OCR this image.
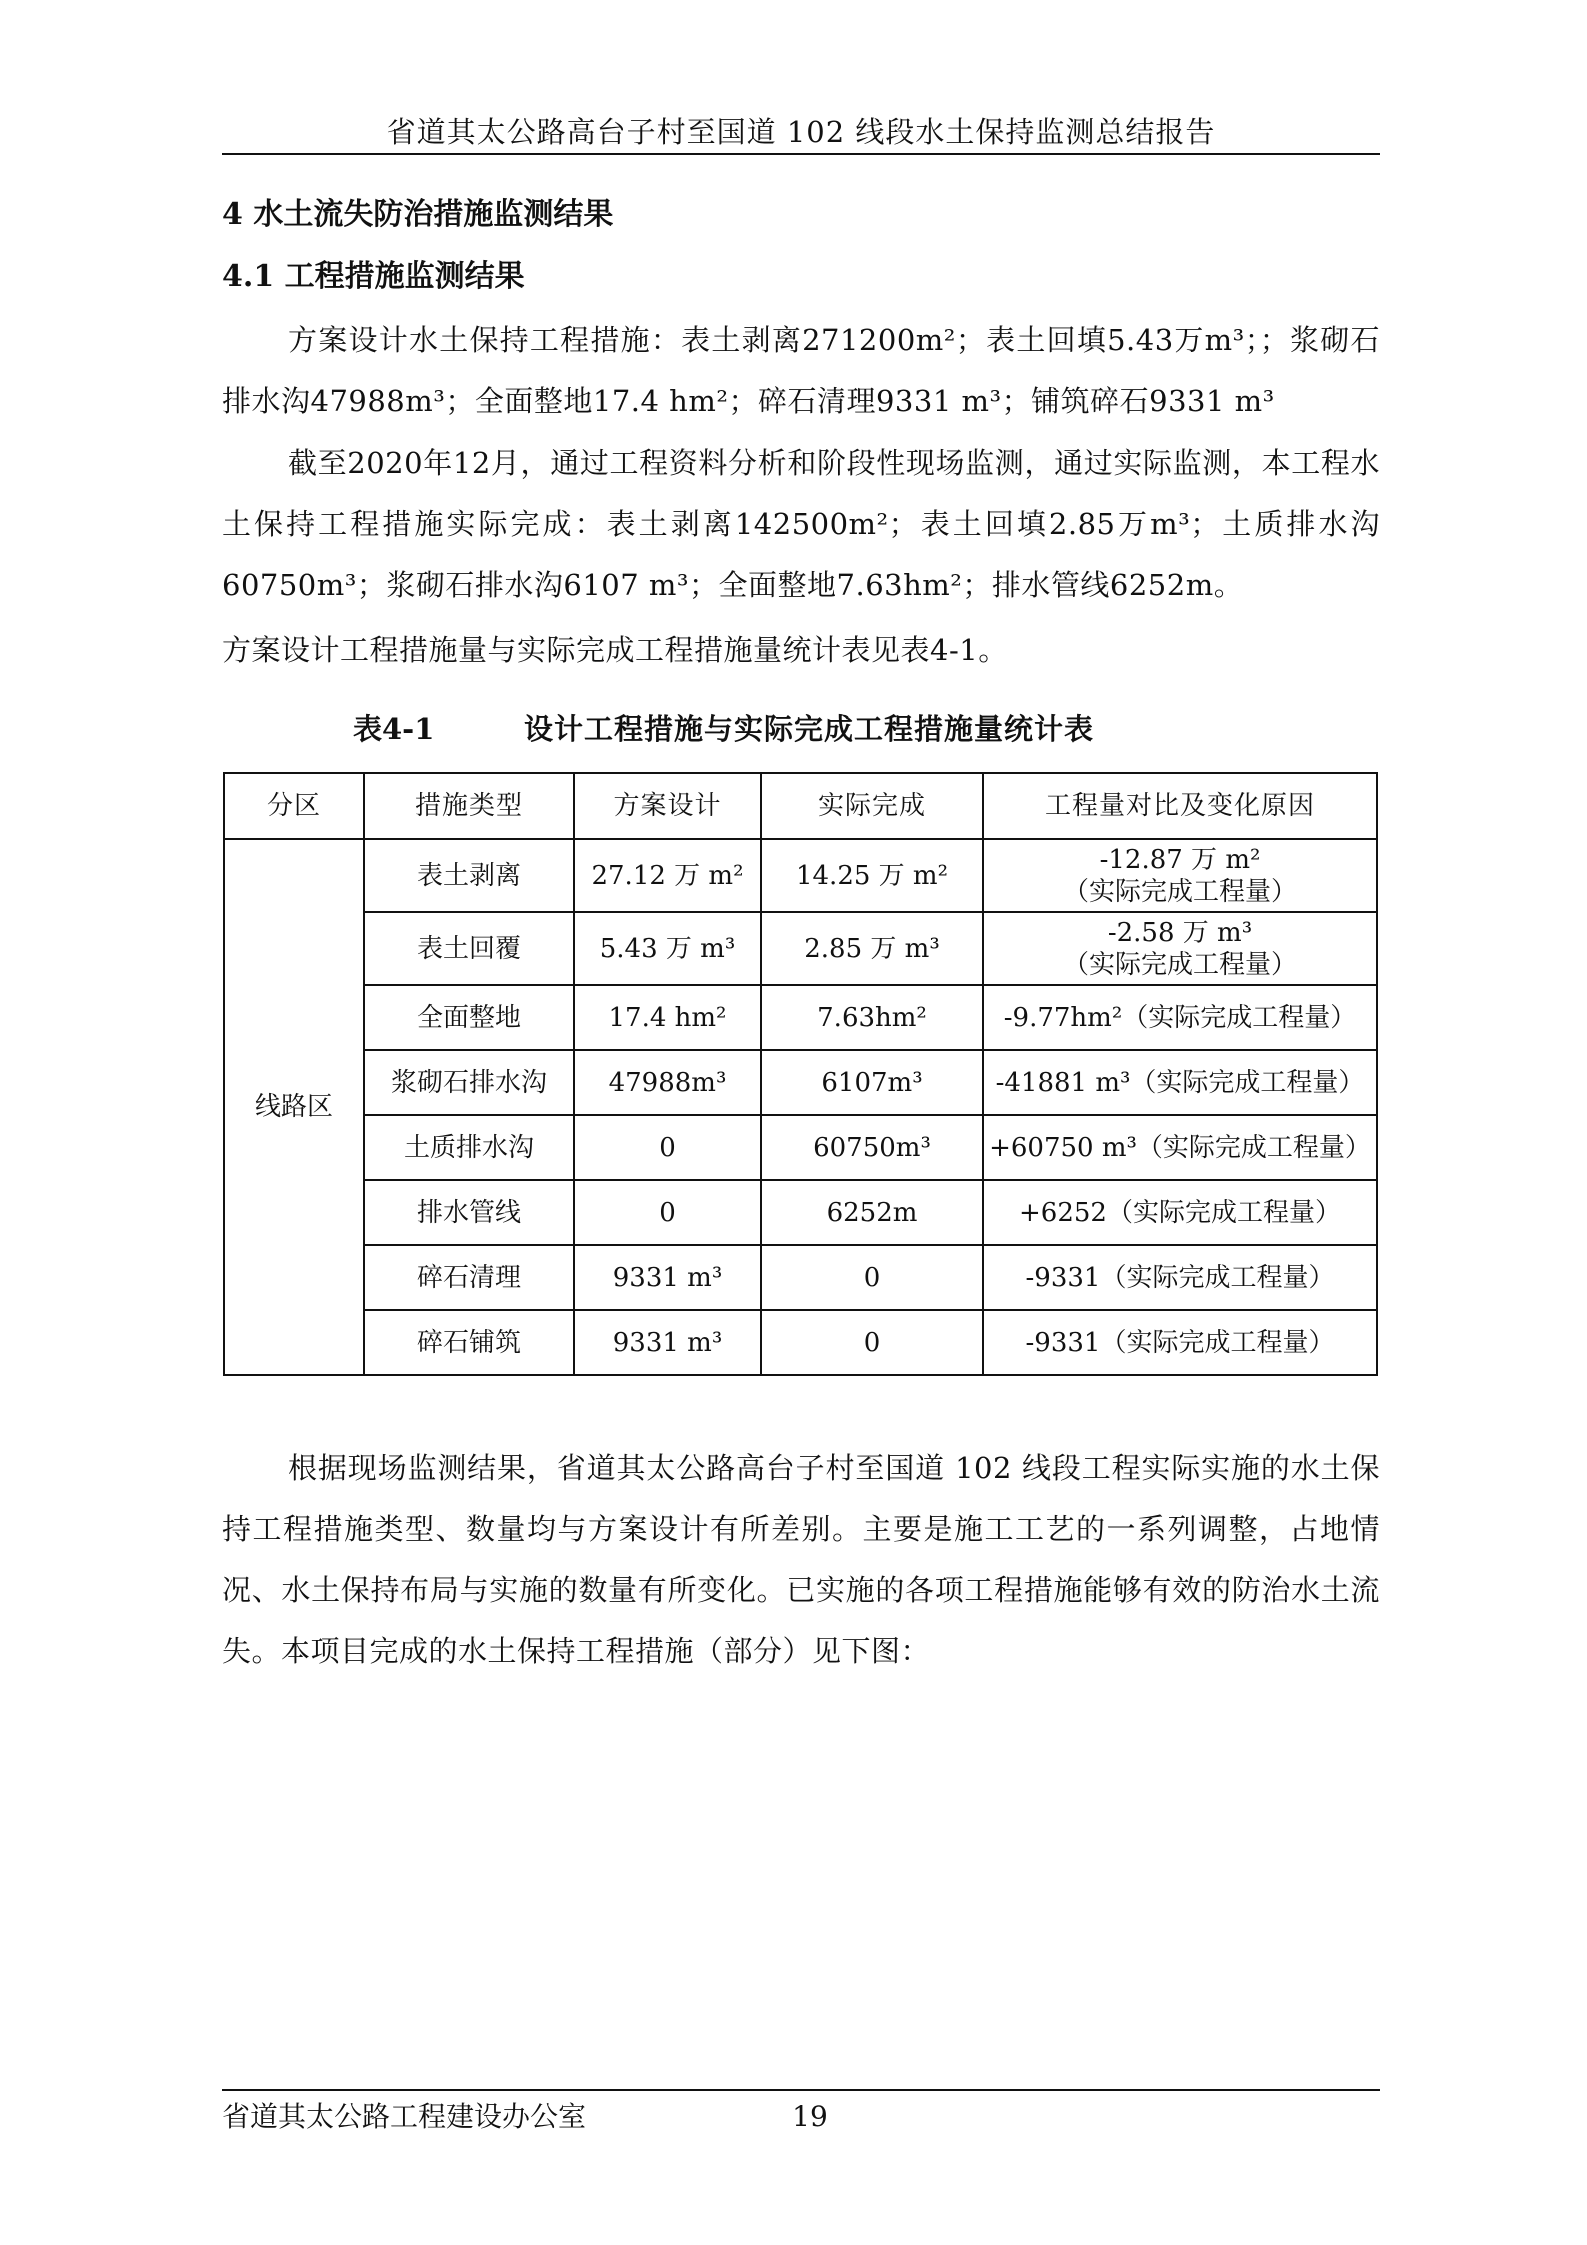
省道其太公路高台子村至国道 102 线段水土保持监测总结报告
4 水土流失防治措施监测结果
4.1 工程措施监测结果
方案设计水土保持工程措施：表土剥离271200m²；表土回填5.43万m³；；浆砌石排水沟47988m³；全面整地17.4 hm²；碎石清理9331 m³；铺筑碎石9331 m³
截至2020年12月，通过工程资料分析和阶段性现场监测，通过实际监测，本工程水土保持工程措施实际完成：表土剥离142500m²；表土回填2.85万m³；土质排水沟60750m³；浆砌石排水沟6107 m³；全面整地7.63hm²；排水管线6252m。
方案设计工程措施量与实际完成工程措施量统计表见表4-1。
表4-1	设计工程措施与实际完成工程措施量统计表
分区	措施类型	方案设计	实际完成	工程量对比及变化原因
线路区	表土剥离	27.12 万 m²	14.25 万 m²	-12.87 万 m²
（实际完成工程量）

	表土回覆	5.43 万 m³	2.85 万 m³	-2.58 万 m³
（实际完成工程量）

	全面整地	17.4 hm²	7.63hm²	-9.77hm²（实际完成工程量）
	浆砌石排水沟	47988m³	6107m³	-41881 m³（实际完成工程量）
	土质排水沟	0	60750m³	+60750 m³（实际完成工程量）
	排水管线	0	6252m	+6252（实际完成工程量）
	碎石清理	9331 m³	0	-9331（实际完成工程量）
	碎石铺筑	9331 m³	0	-9331（实际完成工程量）
根据现场监测结果，省道其太公路高台子村至国道 102 线段工程实际实施的水土保持工程措施类型、数量均与方案设计有所差别。主要是施工工艺的一系列调整，占地情况、水土保持布局与实施的数量有所变化。已实施的各项工程措施能够有效的防治水土流失。本项目完成的水土保持工程措施（部分）见下图：
省道其太公路工程建设办公室	19
